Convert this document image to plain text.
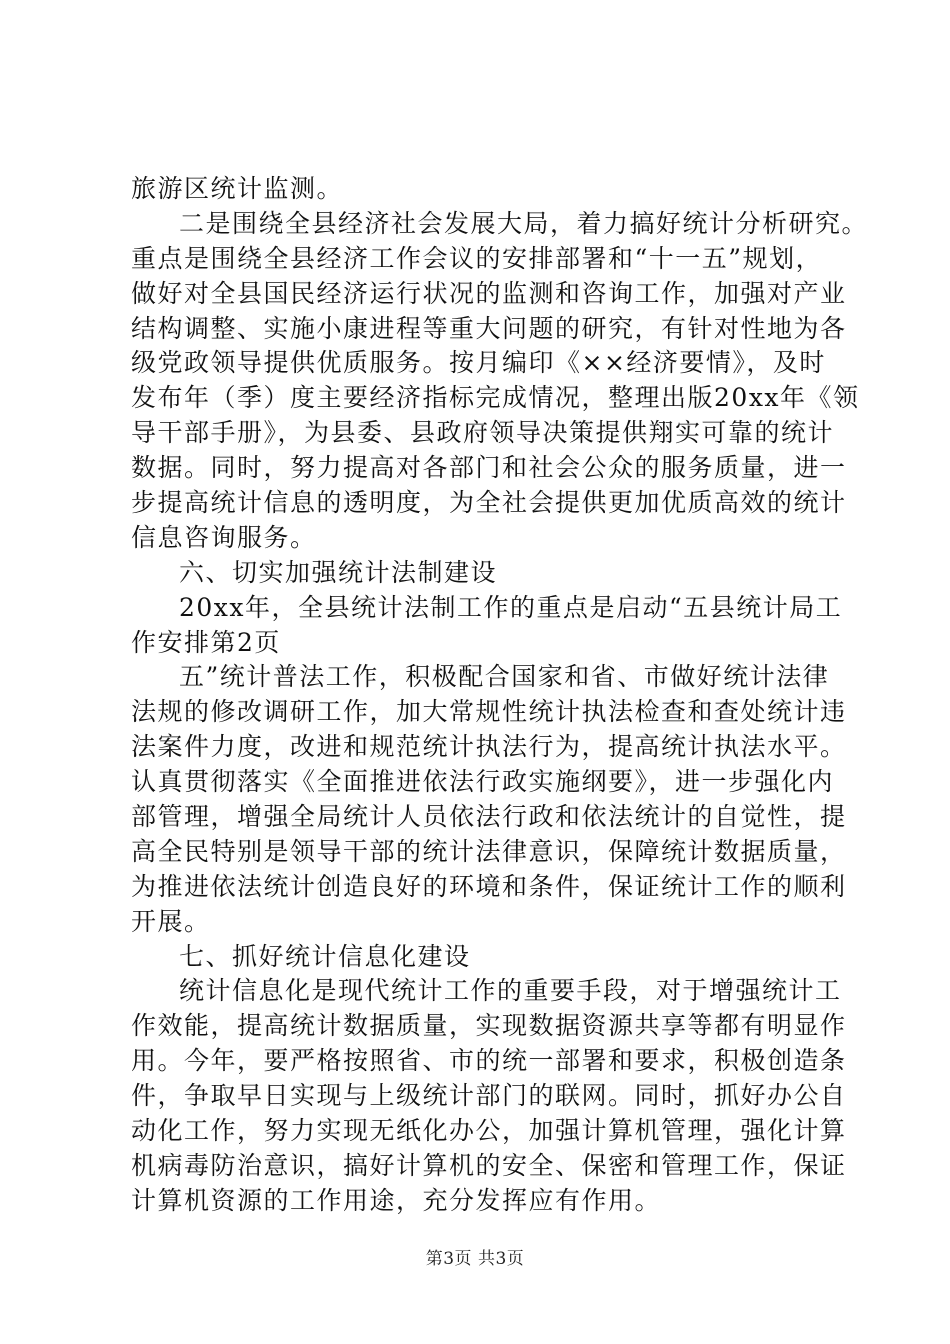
旅游区统计监测。
二是围绕全县经济社会发展大局，着力搞好统计分析研究。
重点是围绕全县经济工作会议的安排部署和“十一五”规划，
做好对全县国民经济运行状况的监测和咨询工作，加强对产业
结构调整、实施小康进程等重大问题的研究，有针对性地为各
级党政领导提供优质服务。按月编印《××经济要情》，及时
发布年（季）度主要经济指标完成情况，整理出版20xx年《领
导干部手册》，为县委、县政府领导决策提供翔实可靠的统计
数据。同时，努力提高对各部门和社会公众的服务质量，进一
步提高统计信息的透明度，为全社会提供更加优质高效的统计
信息咨询服务。
六、切实加强统计法制建设
20xx年，全县统计法制工作的重点是启动“五县统计局工
作安排第2页
五”统计普法工作，积极配合国家和省、市做好统计法律
法规的修改调研工作，加大常规性统计执法检查和查处统计违
法案件力度，改进和规范统计执法行为，提高统计执法水平。
认真贯彻落实《全面推进依法行政实施纲要》，进一步强化内
部管理，增强全局统计人员依法行政和依法统计的自觉性，提
高全民特别是领导干部的统计法律意识，保障统计数据质量，
为推进依法统计创造良好的环境和条件，保证统计工作的顺利
开展。
七、抓好统计信息化建设
统计信息化是现代统计工作的重要手段，对于增强统计工
作效能，提高统计数据质量，实现数据资源共享等都有明显作
用。今年，要严格按照省、市的统一部署和要求，积极创造条
件，争取早日实现与上级统计部门的联网。同时，抓好办公自
动化工作，努力实现无纸化办公，加强计算机管理，强化计算
机病毒防治意识，搞好计算机的安全、保密和管理工作，保证
计算机资源的工作用途，充分发挥应有作用。
第3页 共3页
